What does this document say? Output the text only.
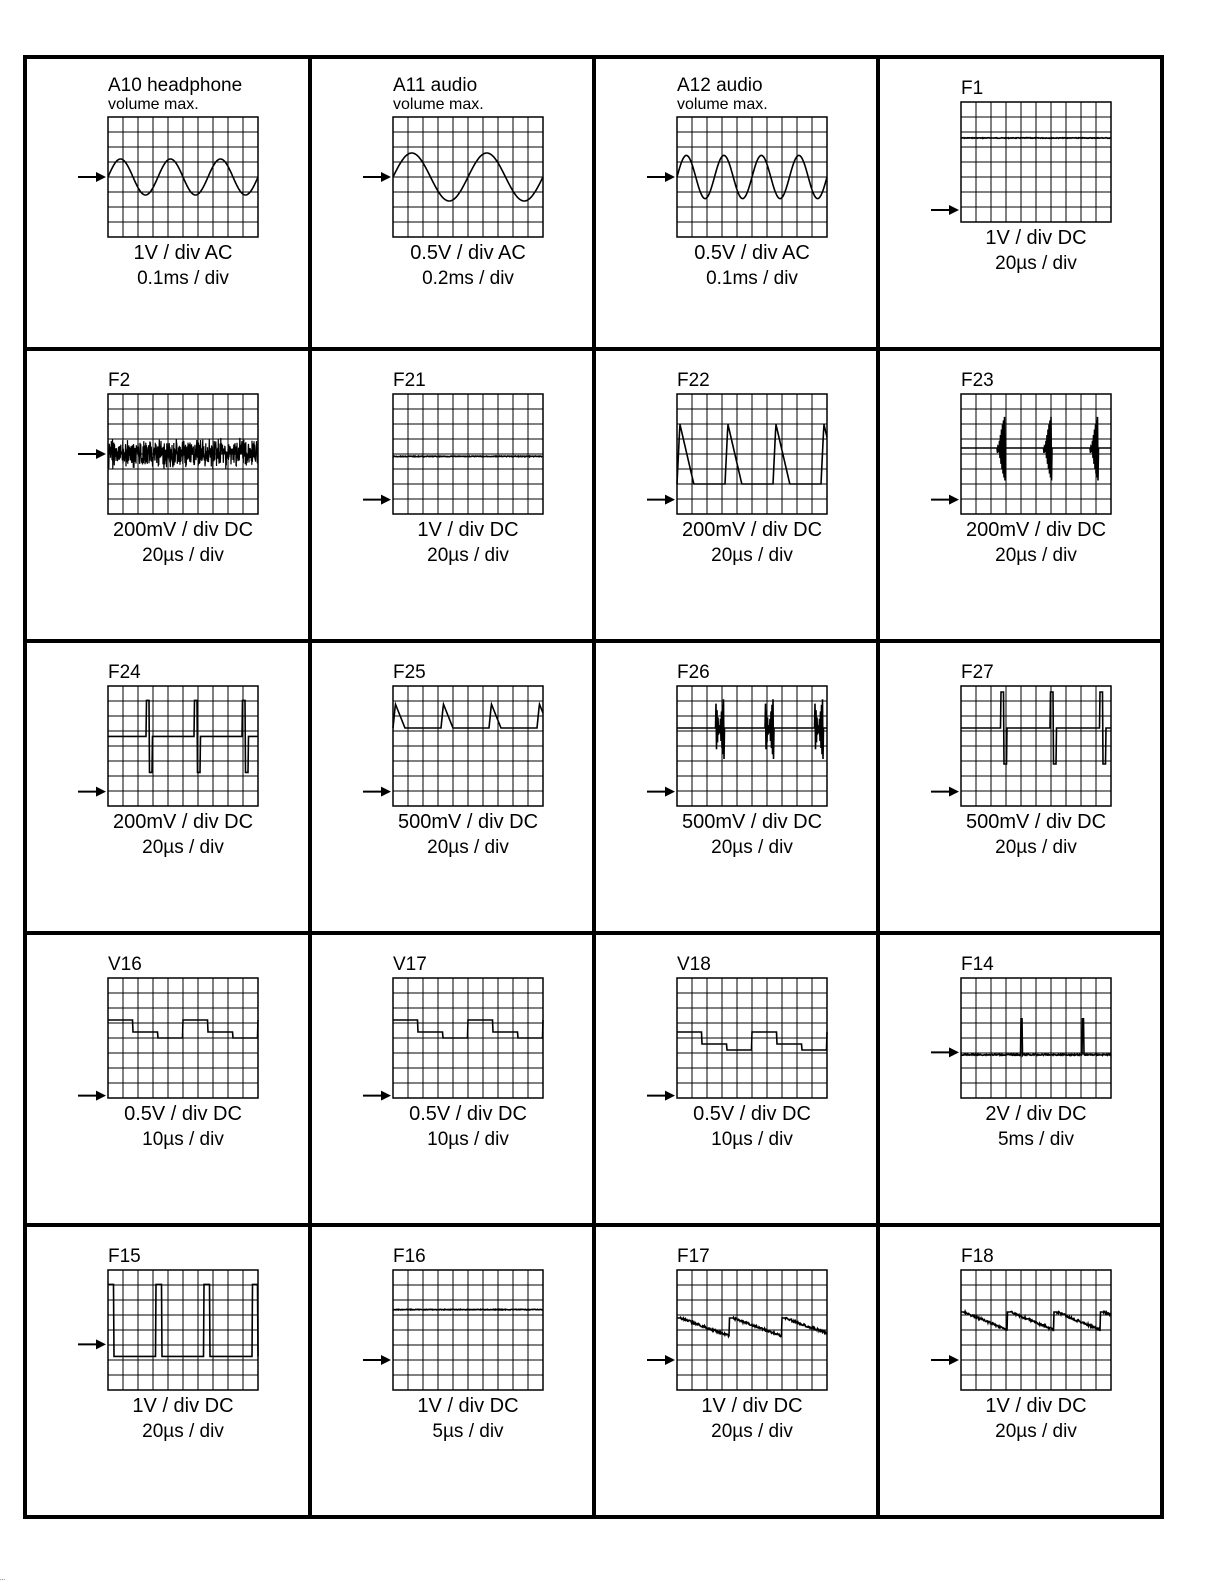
A10 headphone
volume max.
1V / div AC
0.1ms / div
A11 audio
volume max.
0.5V / div AC
0.2ms / div
A12 audio
volume max.
0.5V / div AC
0.1ms / div
F1
1V / div DC
20µs / div
F2
200mV / div DC
20µs / div
F21
1V / div DC
20µs / div
F22
200mV / div DC
20µs / div
F23
200mV / div DC
20µs / div
F24
200mV / div DC
20µs / div
F25
500mV / div DC
20µs / div
F26
500mV / div DC
20µs / div
F27
500mV / div DC
20µs / div
V16
0.5V / div DC
10µs / div
V17
0.5V / div DC
10µs / div
V18
0.5V / div DC
10µs / div
F14
2V / div DC
5ms / div
F15
1V / div DC
20µs / div
F16
1V / div DC
5µs / div
F17
1V / div DC
20µs / div
F18
1V / div DC
20µs / div
...
